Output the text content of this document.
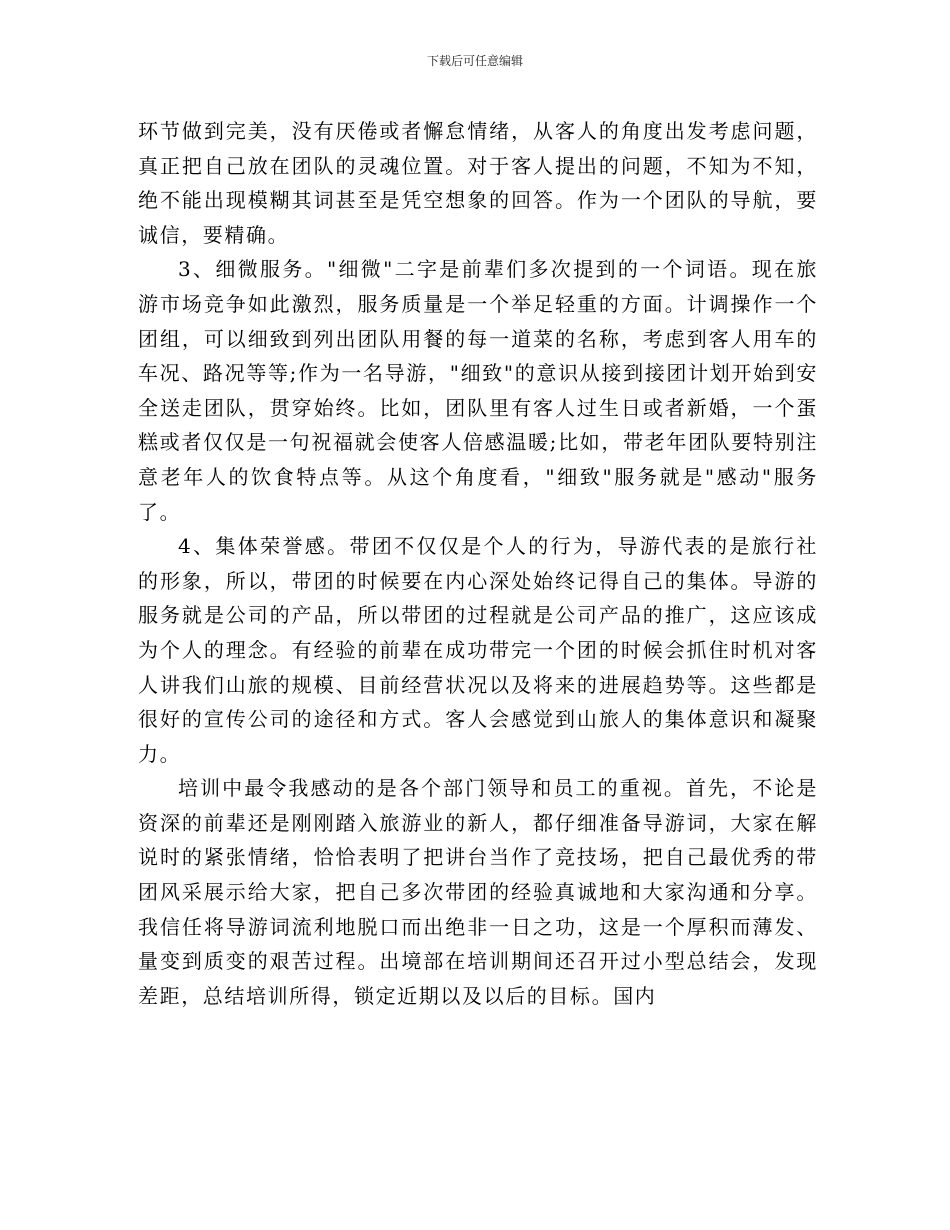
下载后可任意编辑

环节做到完美，没有厌倦或者懈怠情绪，从客人的角度出发考虑问题，真正把自己放在团队的灵魂位置。对于客人提出的问题，不知为不知，绝不能出现模糊其词甚至是凭空想象的回答。作为一个团队的导航，要诚信，要精确。

3、细微服务。"细微"二字是前辈们多次提到的一个词语。现在旅游市场竞争如此激烈，服务质量是一个举足轻重的方面。计调操作一个团组，可以细致到列出团队用餐的每一道菜的名称，考虑到客人用车的车况、路况等等;作为一名导游，"细致"的意识从接到接团计划开始到安全送走团队，贯穿始终。比如，团队里有客人过生日或者新婚，一个蛋糕或者仅仅是一句祝福就会使客人倍感温暖;比如，带老年团队要特别注意老年人的饮食特点等。从这个角度看，"细致"服务就是"感动"服务了。

4、集体荣誉感。带团不仅仅是个人的行为，导游代表的是旅行社的形象，所以，带团的时候要在内心深处始终记得自己的集体。导游的服务就是公司的产品，所以带团的过程就是公司产品的推广，这应该成为个人的理念。有经验的前辈在成功带完一个团的时候会抓住时机对客人讲我们山旅的规模、目前经营状况以及将来的进展趋势等。这些都是很好的宣传公司的途径和方式。客人会感觉到山旅人的集体意识和凝聚力。

培训中最令我感动的是各个部门领导和员工的重视。首先，不论是资深的前辈还是刚刚踏入旅游业的新人，都仔细准备导游词，大家在解说时的紧张情绪，恰恰表明了把讲台当作了竞技场，把自己最优秀的带团风采展示给大家，把自己多次带团的经验真诚地和大家沟通和分享。我信任将导游词流利地脱口而出绝非一日之功，这是一个厚积而薄发、量变到质变的艰苦过程。出境部在培训期间还召开过小型总结会，发现差距，总结培训所得，锁定近期以及以后的目标。国内
